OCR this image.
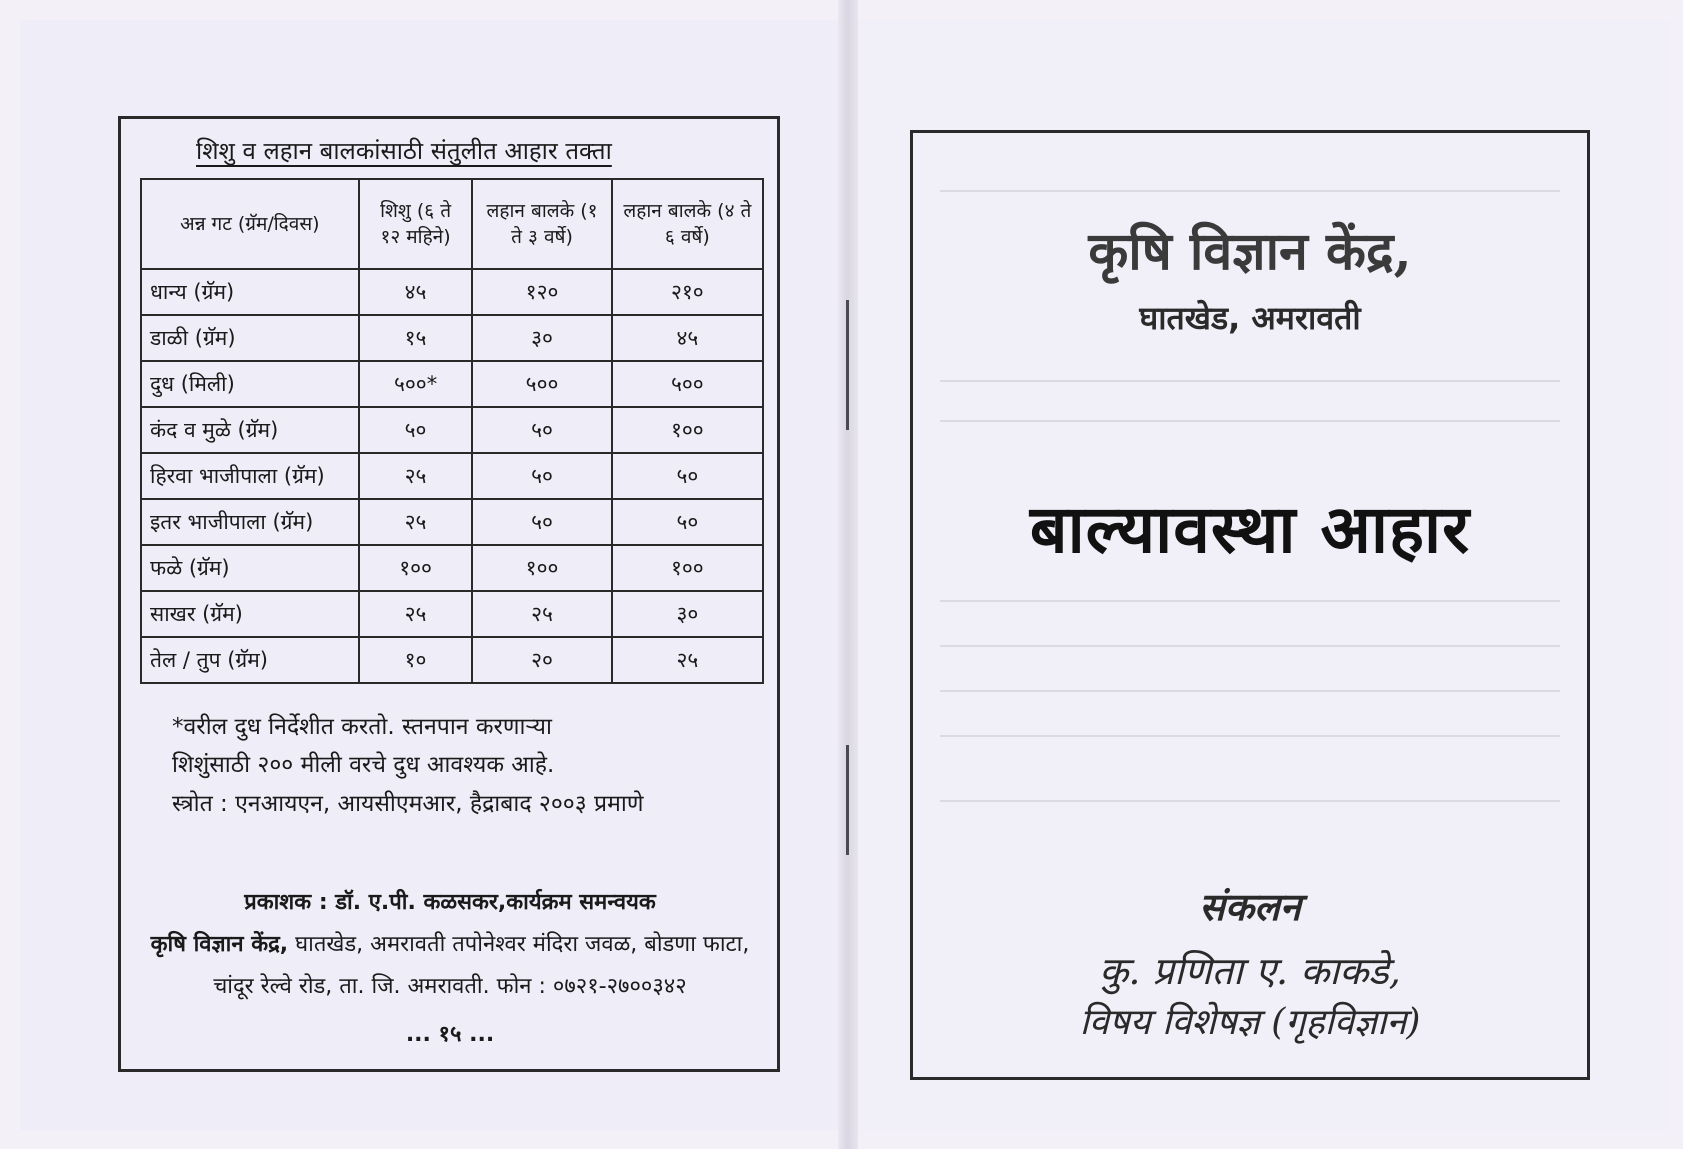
शिशु व लहान बालकांसाठी संतुलीत आहार तक्ता
अन्न गट (ग्रॅम/दिवस)	शिशु (६ ते १२ महिने)	लहान बालके (१ ते ३ वर्षे)	लहान बालके (४ ते ६ वर्षे)
धान्य (ग्रॅम)	४५	१२०	२१०
डाळी (ग्रॅम)	१५	३०	४५
दुध (मिली)	५००*	५००	५००
कंद व मुळे (ग्रॅम)	५०	५०	१००
हिरवा भाजीपाला (ग्रॅम)	२५	५०	५०
इतर भाजीपाला (ग्रॅम)	२५	५०	५०
फळे (ग्रॅम)	१००	१००	१००
साखर (ग्रॅम)	२५	२५	३०
तेल / तुप (ग्रॅम)	१०	२०	२५
*वरील दुध निर्देशीत करतो. स्तनपान करणाऱ्या
शिशुंसाठी २०० मीली वरचे दुध आवश्यक आहे.
स्त्रोत : एनआयएन, आयसीएमआर, हैद्राबाद २००३ प्रमाणे
प्रकाशक : डॉ. ए.पी. कळसकर,कार्यक्रम समन्वयक
कृषि विज्ञान केंद्र, घातखेड, अमरावती तपोनेश्वर मंदिरा जवळ, बोडणा फाटा,
चांदूर रेल्वे रोड, ता. जि. अमरावती. फोन : ०७२१-२७००३४२
... १५ ...
कृषि विज्ञान केंद्र,
घातखेड, अमरावती
बाल्यावस्था आहार
संकलन
कु. प्रणिता ए. काकडे,
विषय विशेषज्ञ (गृहविज्ञान)
